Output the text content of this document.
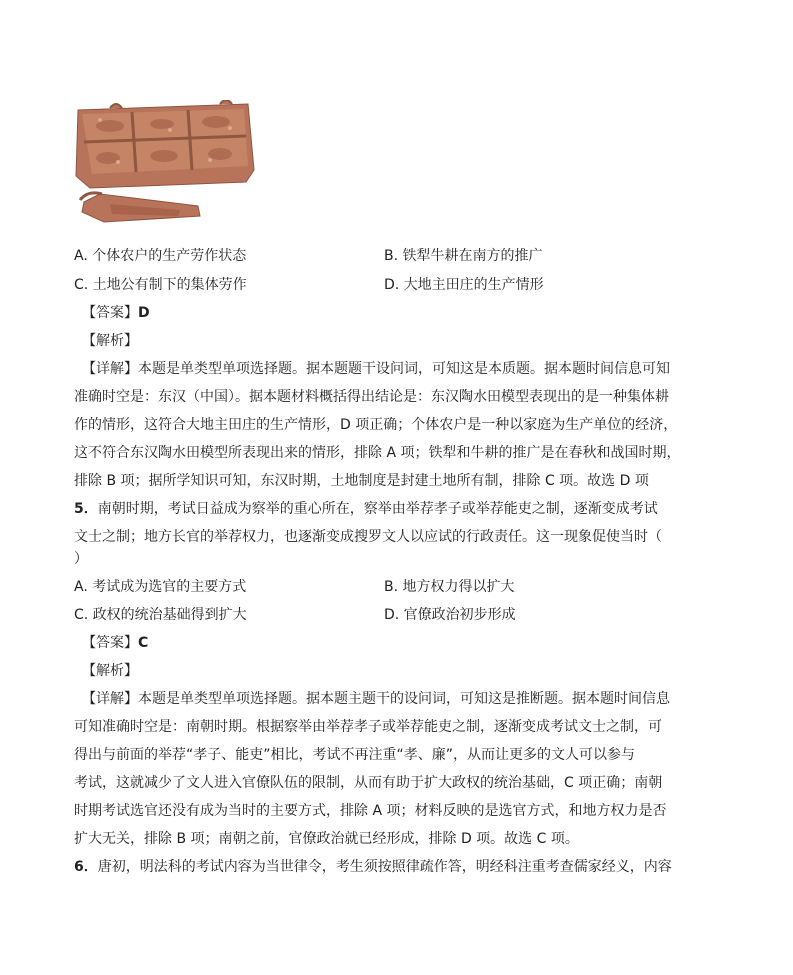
A. 个体农户的生产劳作状态	B. 铁犁牛耕在南方的推广
C. 土地公有制下的集体劳作	D. 大地主田庄的生产情形
【答案】D
【解析】
【详解】本题是单类型单项选择题。据本题题干设问词，可知这是本质题。据本题时间信息可知
准确时空是：东汉（中国）。据本题材料概括得出结论是：东汉陶水田模型表现出的是一种集体耕
作的情形，这符合大地主田庄的生产情形，D 项正确；个体农户是一种以家庭为生产单位的经济，
这不符合东汉陶水田模型所表现出来的情形，排除 A 项；铁犁和牛耕的推广是在春秋和战国时期，
排除 B 项；据所学知识可知，东汉时期，土地制度是封建土地所有制，排除 C 项。故选 D 项
5．南朝时期，考试日益成为察举的重心所在，察举由举荐孝子或举荐能吏之制，逐渐变成考试
文士之制；地方长官的举荐权力，也逐渐变成搜罗文人以应试的行政责任。这一现象促使当时（
）
A. 考试成为选官的主要方式	B. 地方权力得以扩大
C. 政权的统治基础得到扩大	D. 官僚政治初步形成
【答案】C
【解析】
【详解】本题是单类型单项选择题。据本题主题干的设问词，可知这是推断题。据本题时间信息
可知准确时空是：南朝时期。根据察举由举荐孝子或举荐能吏之制，逐渐变成考试文士之制，可
得出与前面的举荐“孝子、能吏”相比，考试不再注重“孝、廉”，从而让更多的文人可以参与
考试，这就减少了文人进入官僚队伍的限制，从而有助于扩大政权的统治基础，C 项正确；南朝
时期考试选官还没有成为当时的主要方式，排除 A 项；材料反映的是选官方式，和地方权力是否
扩大无关，排除 B 项；南朝之前，官僚政治就已经形成，排除 D 项。故选 C 项。
6．唐初，明法科的考试内容为当世律令，考生须按照律疏作答，明经科注重考查儒家经义，内容
